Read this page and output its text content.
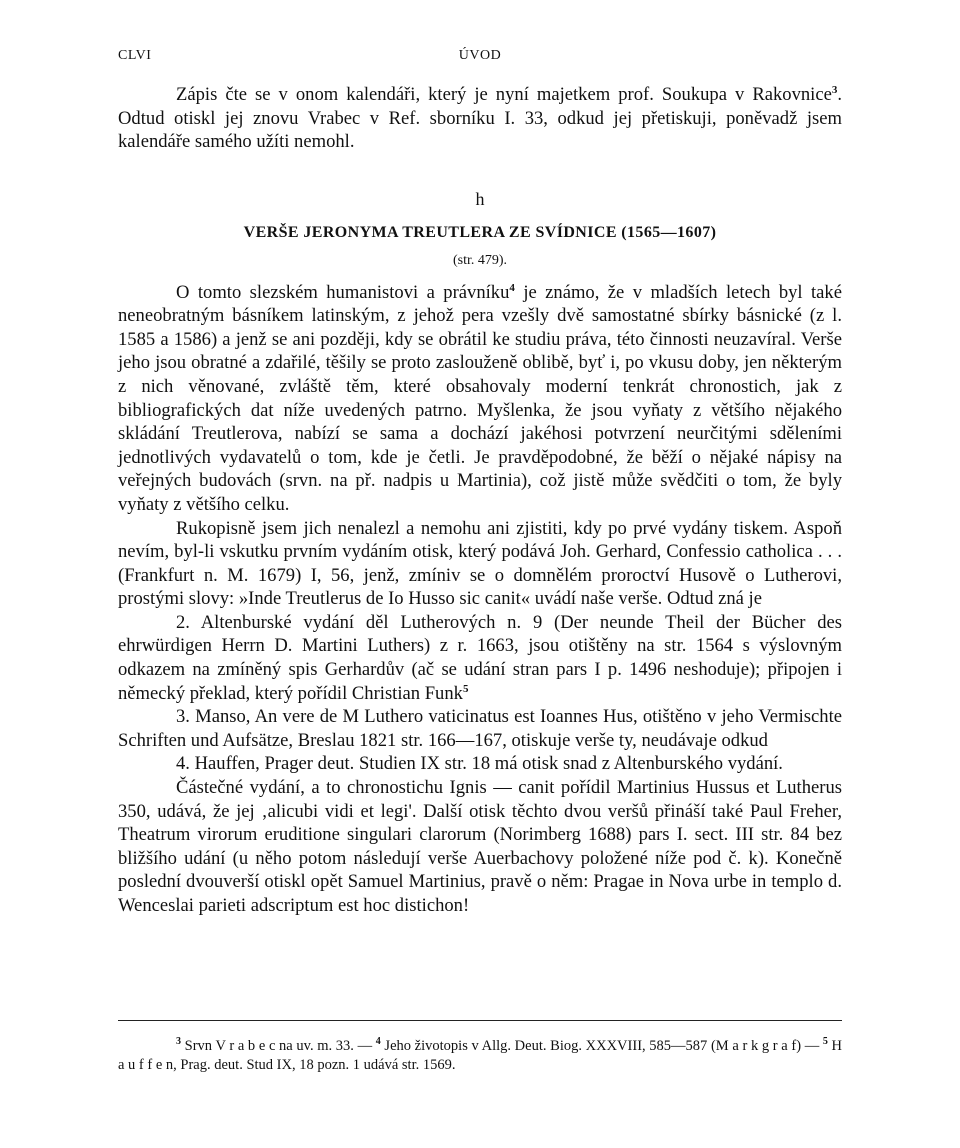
CLVI	ÚVOD

Zápis čte se v onom kalendáři, který je nyní majetkem prof. Soukupa v Rakovnice$^3$. Odtud otiskl jej znovu Vrabec v Ref. sborníku I. 33, odkud jej přetiskuji, poněvadž jsem kalendáře samého užíti nemohl.

h
VERŠE JERONYMA TREUTLERA ZE SVÍDNICE (1565—1607)
(str. 479).

O tomto slezském humanistovi a právníku$^4$ je známo, že v mladších letech byl také neneobratným básníkem latinským, z jehož pera vzešly dvě samostatné sbírky básnické (z l. 1585 a 1586) a jenž se ani později, kdy se obrátil ke studiu práva, této činnosti neuzavíral. Verše jeho jsou obratné a zdařilé, těšily se proto zaslouženě oblibě, byť i, po vkusu doby, jen některým z nich věnované, zvláště těm, které obsahovaly moderní tenkrát chronostich, jak z bibliografických dat níže uvedených patrno. Myšlenka, že jsou vyňaty z většího nějakého skládání Treutlerova, nabízí se sama a dochází jakéhosi potvrzení neurčitými sděleními jednotlivých vydavatelů o tom, kde je četli. Je pravděpodobné, že běží o nějaké nápisy na veřejných budovách (srvn. na př. nadpis u Martinia), což jistě může svědčiti o tom, že byly vyňaty z většího celku.

Rukopisně jsem jich nenalezl a nemohu ani zjistiti, kdy po prvé vydány tiskem. Aspoň nevím, byl-li vskutku prvním vydáním otisk, který podává Joh. Gerhard, Confessio catholica . . . (Frankfurt n. M. 1679) I, 56, jenž, zmíniv se o domnělém proroctví Husově o Lutherovi, prostými slovy: »Inde Treutlerus de Io Husso sic canit« uvádí naše verše. Odtud zná je

2. Altenburské vydání děl Lutherových n. 9 (Der neunde Theil der Bücher des ehrwürdigen Herrn D. Martini Luthers) z r. 1663, jsou otištěny na str. 1564 s výslovným odkazem na zmíněný spis Gerhardův (ač se udání stran pars I p. 1496 neshoduje); připojen i německý překlad, který pořídil Christian Funk$^5$

3. Manso, An vere de M Luthero vaticinatus est Ioannes Hus, otištěno v jeho Vermischte Schriften und Aufsätze, Breslau 1821 str. 166—167, otiskuje verše ty, neudávaje odkud

4. Hauffen, Prager deut. Studien IX str. 18 má otisk snad z Altenburského vydání.

Částečné vydání, a to chronostichu Ignis — canit pořídil Martinius Hussus et Lutherus 350, udává, že jej ‚alicubi vidi et legi'. Další otisk těchto dvou veršů přináší také Paul Freher, Theatrum virorum eruditione singulari clarorum (Norimberg 1688) pars I. sect. III str. 84 bez bližšího udání (u něho potom následují verše Auerbachovy položené níže pod č. k). Konečně poslední dvouverší otiskl opět Samuel Martinius, pravě o něm: Pragae in Nova urbe in templo d. Wenceslai parieti adscriptum est hoc distichon!

$^3$ Srvn V r a b e c na uv. m. 33. — $^4$ Jeho životopis v Allg. Deut. Biog. XXXVIII, 585—587 (M a r k g r a f) — $^5$ H a u f f e n, Prag. deut. Stud IX, 18 pozn. 1 udává str. 1569.
